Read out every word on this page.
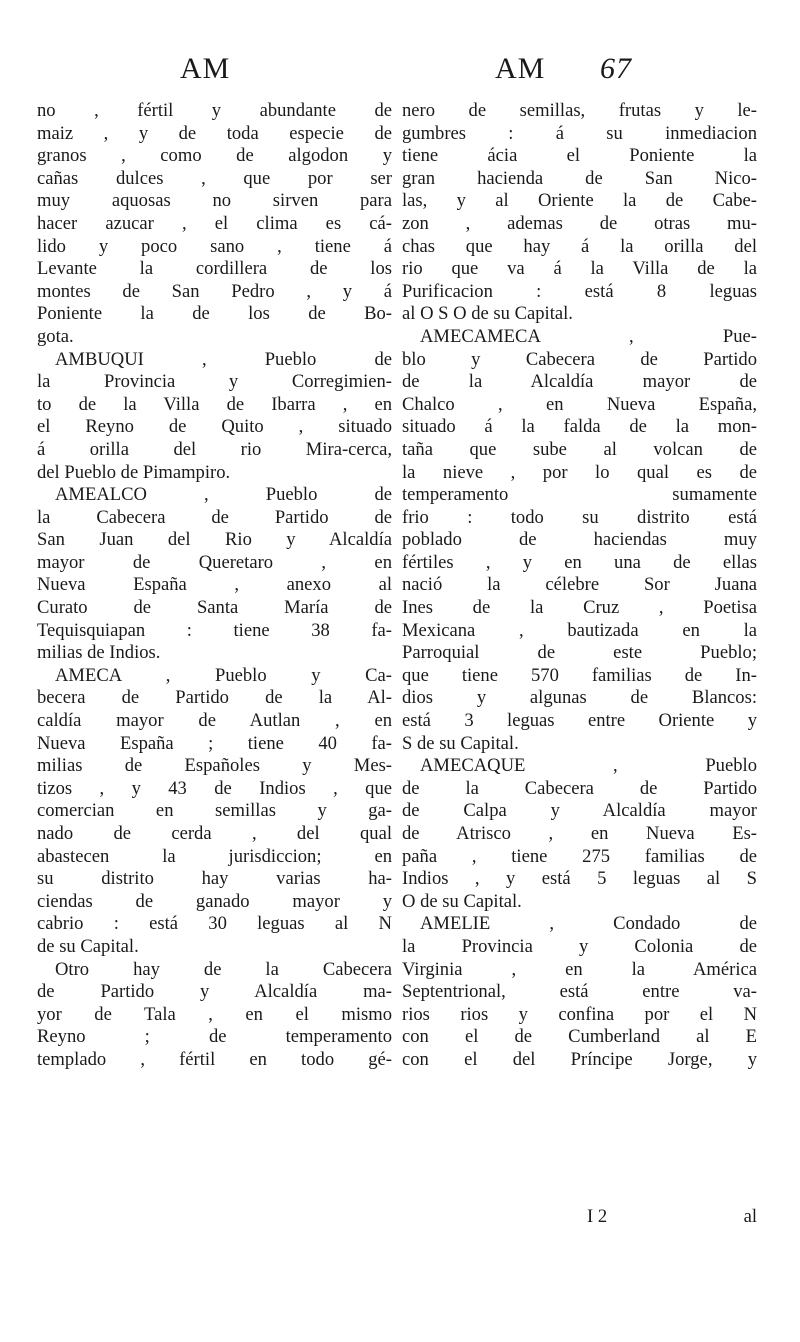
AM	AM 67
no , fértil y abundante de
maiz , y de toda especie de
granos , como de algodon y
cañas dulces , que por ser
muy aquosas no sirven para
hacer azucar , el clima es cá-
lido y poco sano , tiene á
Levante la cordillera de los
montes de San Pedro , y á
Poniente la de los de Bo-
gota.
AMBUQUI , Pueblo de
la Provincia y Corregimien-
to de la Villa de Ibarra , en
el Reyno de Quito , situado
á orilla del rio Mira-cerca,
del Pueblo de Pimampiro.
AMEALCO , Pueblo de
la Cabecera de Partido de
San Juan del Rio y Alcaldía
mayor de Queretaro , en
Nueva España , anexo al
Curato de Santa María de
Tequisquiapan : tiene 38 fa-
milias de Indios.
AMECA , Pueblo y Ca-
becera de Partido de la Al-
caldía mayor de Autlan , en
Nueva España ; tiene 40 fa-
milias de Españoles y Mes-
tizos , y 43 de Indios , que
comercian en semillas y ga-
nado de cerda , del qual
abastecen la jurisdiccion; en
su distrito hay varias ha-
ciendas de ganado mayor y
cabrio : está 30 leguas al N
de su Capital.
Otro hay de la Cabecera
de Partido y Alcaldía ma-
yor de Tala , en el mismo
Reyno ; de temperamento
templado , fértil en todo gé-
nero de semillas, frutas y le-
gumbres : á su inmediacion
tiene ácia el Poniente la
gran hacienda de San Nico-
las, y al Oriente la de Cabe-
zon , ademas de otras mu-
chas que hay á la orilla del
rio que va á la Villa de la
Purificacion : está 8 leguas
al O S O de su Capital.
AMECAMECA , Pue-
blo y Cabecera de Partido
de la Alcaldía mayor de
Chalco , en Nueva España,
situado á la falda de la mon-
taña que sube al volcan de
la nieve , por lo qual es de
temperamento sumamente
frio : todo su distrito está
poblado de haciendas muy
fértiles , y en una de ellas
nació la célebre Sor Juana
Ines de la Cruz , Poetisa
Mexicana , bautizada en la
Parroquial de este Pueblo;
que tiene 570 familias de In-
dios y algunas de Blancos:
está 3 leguas entre Oriente y
S de su Capital.
AMECAQUE , Pueblo
de la Cabecera de Partido
de Calpa y Alcaldía mayor
de Atrisco , en Nueva Es-
paña , tiene 275 familias de
Indios , y está 5 leguas al S
O de su Capital.
AMELIE , Condado de
la Provincia y Colonia de
Virginia , en la América
Septentrional, está entre va-
rios rios y confina por el N
con el de Cumberland al E
con el del Príncipe Jorge, y
I 2	al
